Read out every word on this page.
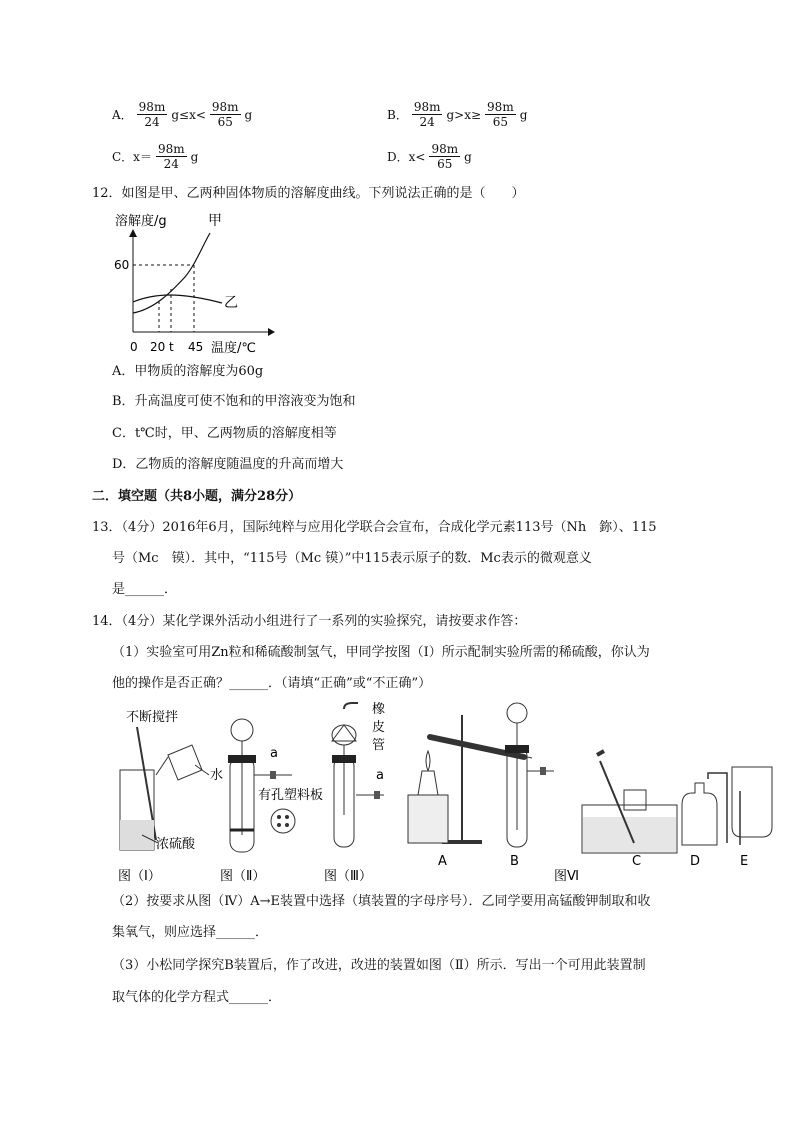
A． $\frac{98m}{24} g\le x< \frac{98m}{65}$ g	B． $\frac{98m}{24} g>x\ge \frac{98m}{65}$ g
C．$x= \frac{98m}{24}$ g	D．$x< \frac{98m}{65}$ g
12．如图是甲、乙两种固体物质的溶解度曲线。下列说法正确的是（　　）
溶解度/g	甲
乙
60
0 20 t 45 温度/℃
A．甲物质的溶解度为60g
B．升高温度可使不饱和的甲溶液变为饱和
C．t℃时，甲、乙两物质的溶解度相等
D．乙物质的溶解度随温度的升高而增大
二．填空题（共8小题，满分28分）
13．（4分）2016年6月，国际纯粹与应用化学联合会宣布，合成化学元素113号（Nh　鉨）、115
号（Mc　镆）．其中，“115号（Mc 镆）”中115表示原子的数．Mc表示的微观意义
是______．
14．（4分）某化学课外活动小组进行了一系列的实验探究，请按要求作答：
（1）实验室可用Zn粒和稀硫酸制氢气，甲同学按图（Ⅰ）所示配制实验所需的稀硫酸，你认为
他的操作是否正确？______．（请填“正确”或“不正确”）
不断搅拌
水
浓硫酸
图（Ⅰ）
a
有孔塑料板
图（Ⅱ）
a
橡
皮
管
图（Ⅲ）
A	B
图Ⅵ
C	D	E
（2）按要求从图（Ⅳ）A→E装置中选择（填装置的字母序号）．乙同学要用高锰酸钾制取和收
集氧气，则应选择______．
（3）小松同学探究B装置后，作了改进，改进的装置如图（Ⅱ）所示．写出一个可用此装置制
取气体的化学方程式______．
